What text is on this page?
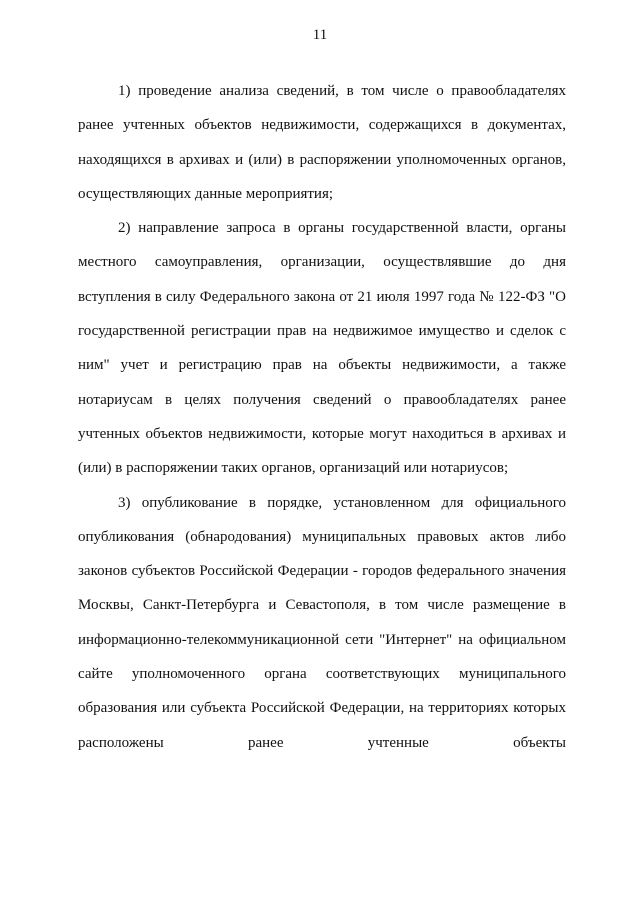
11

1) проведение анализа сведений, в том числе о правообладателях ранее учтенных объектов недвижимости, содержащихся в документах, находящихся в архивах и (или) в распоряжении уполномоченных органов, осуществляющих данные мероприятия;

2) направление запроса в органы государственной власти, органы местного самоуправления, организации, осуществлявшие до дня вступления в силу Федерального закона от 21 июля 1997 года № 122-ФЗ "О государственной регистрации прав на недвижимое имущество и сделок с ним" учет и регистрацию прав на объекты недвижимости, а также нотариусам в целях получения сведений о правообладателях ранее учтенных объектов недвижимости, которые могут находиться в архивах и (или) в распоряжении таких органов, организаций или нотариусов;

3) опубликование в порядке, установленном для официального опубликования (обнародования) муниципальных правовых актов либо законов субъектов Российской Федерации - городов федерального значения Москвы, Санкт-Петербурга и Севастополя, в том числе размещение в информационно-телекоммуникационной сети "Интернет" на официальном сайте уполномоченного органа соответствующих муниципального образования или субъекта Российской Федерации, на территориях которых расположены ранее учтенные объекты
